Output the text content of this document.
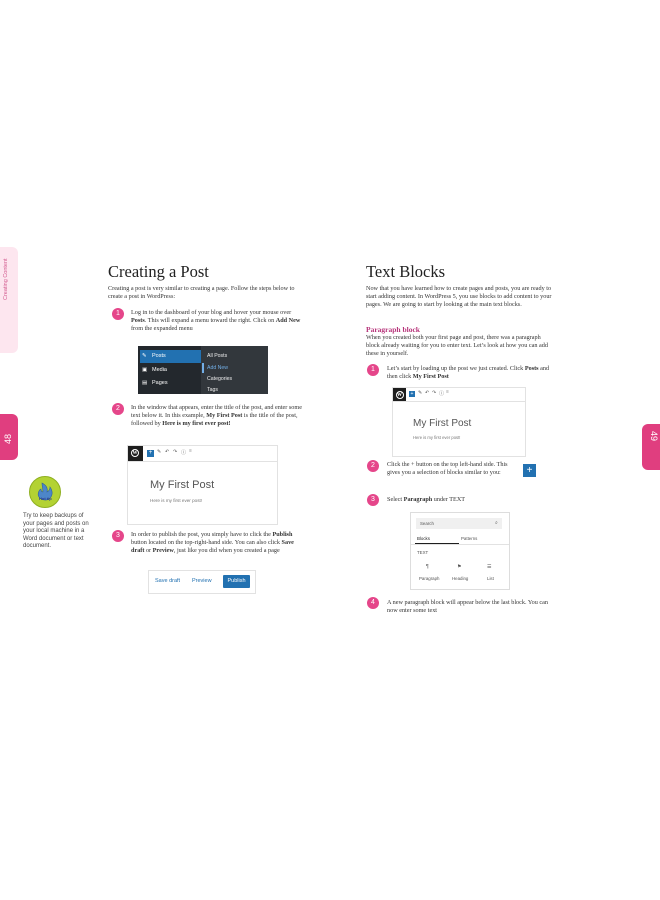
Creating Content
48	49
Creating a Post
Creating a post is very similar to creating a page. Follow the steps below to create a post in WordPress:
1	Log in to the dashboard of your blog and hover your mouse over Posts. This will expand a menu toward the right. Click on Add New from the expanded menu
✎ Posts
▣ Media
▤ Pages
All Posts
Add New
Categories
Tags
2	In the window that appears, enter the title of the post, and enter some text below it. In this example, My First Post is the title of the post, followed by Here is my first ever post!
W + ✎ ↶ ↷ ⓘ ≡
My First Post
Here is my first ever post!
Hot tip
Try to keep backups of your pages and posts on your local machine in a Word document or text document.
3	In order to publish the post, you simply have to click the Publish button located on the top-right-hand side. You can also click Save draft or Preview, just like you did when you created a page
Save draft Preview	Publish
Text Blocks
Now that you have learned how to create pages and posts, you are ready to start adding content. In WordPress 5, you use blocks to add content to your pages. We are going to start by looking at the main text blocks.
Paragraph block
When you created both your first page and post, there was a paragraph block already waiting for you to enter text. Let’s look at how you can add these in yourself.
1	Let’s start by loading up the post we just created. Click Posts and then click My First Post
W	+ ✎ ↶ ↷ ⓘ ≡
My First Post
Here is my first ever post!
2	Click the + button on the top left-hand side. This gives you a selection of blocks similar to you:	+
3	Select Paragraph under TEXT
Search	⌕
Blocks	Patterns
TEXT
¶
Paragraph
⚑
Heading
☰
List
4	A new paragraph block will appear below the last block. You can now enter some text
